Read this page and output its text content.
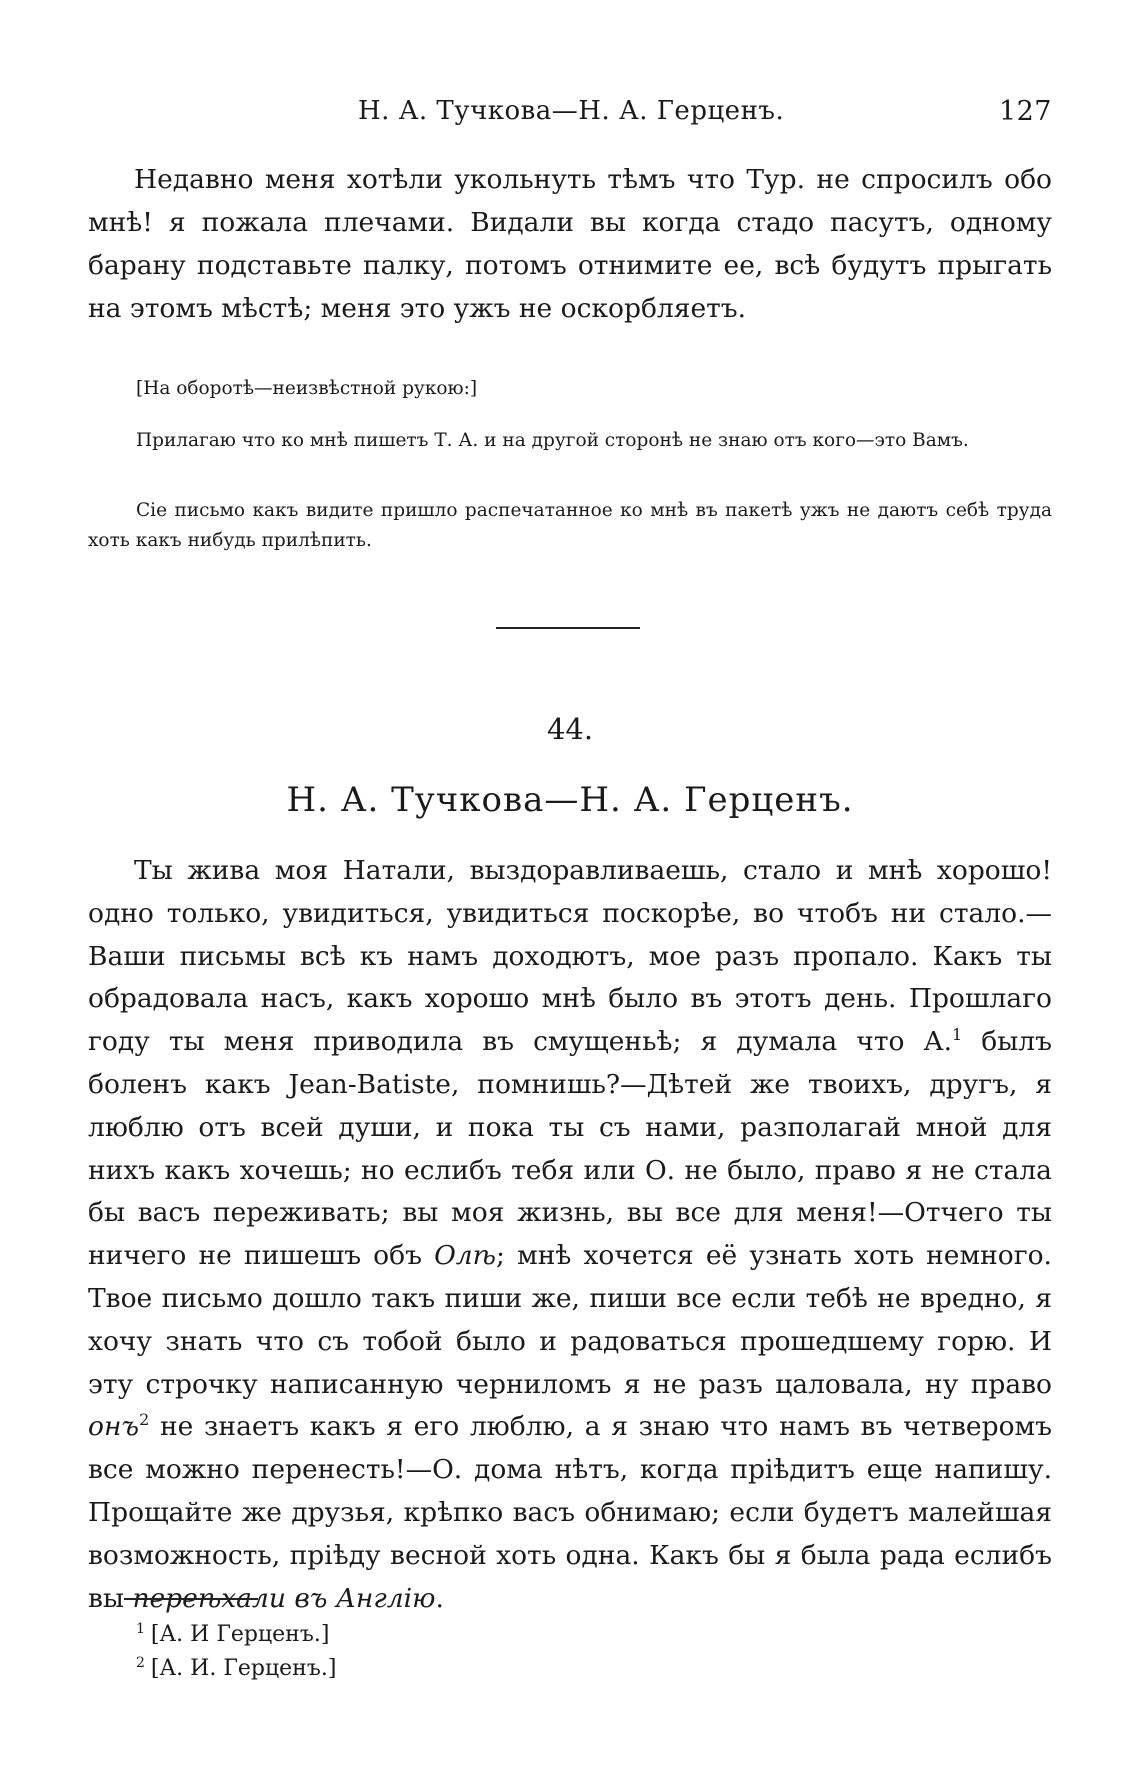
Н. А. Тучкова—Н. А. Герценъ.	127

Недавно меня хотѣли укольнуть тѣмъ что Тур. не спросилъ обо мнѣ! я пожала плечами. Видали вы когда стадо пасутъ, одному барану подставьте палку, потомъ отнимите ее, всѣ будутъ прыгать на этомъ мѣстѣ; меня это ужъ не оскорбляетъ.

[На оборотѣ—неизвѣстной рукою:]

Прилагаю что ко мнѣ пишетъ Т. А. и на другой сторонѣ не знаю отъ кого—это Вамъ.

Сіе письмо какъ видите пришло распечатанное ко мнѣ въ пакетѣ ужъ не даютъ себѣ труда хоть какъ нибудь прилѣпить.

44.
Н. А. Тучкова—Н. А. Герценъ.

Ты жива моя Натали, выздоравливаешь, стало и мнѣ хорошо! одно только, увидиться, увидиться поскорѣе, во чтобъ ни стало.—Ваши письмы всѣ къ намъ доходютъ, мое разъ пропало. Какъ ты обрадовала насъ, какъ хорошо мнѣ было въ этотъ день. Прошлаго году ты меня приводила въ смущеньѣ; я думала что А.$^1$ былъ боленъ какъ Jean-Batiste, помнишь?—Дѣтей же твоихъ, другъ, я люблю отъ всей души, и пока ты съ нами, разполагай мной для нихъ какъ хочешь; но еслибъ тебя или О. не было, право я не стала бы васъ переживать; вы моя жизнь, вы все для меня!—Отчего ты ничего не пишешъ объ Олѣ; мнѣ хочется её узнать хоть немного. Твое письмо дошло такъ пиши же, пиши все если тебѣ не вредно, я хочу знать что съ тобой было и радоваться прошедшему горю. И эту строчку написанную черниломъ я не разъ цаловала, ну право онъ$^2$ не знаетъ какъ я его люблю, а я знаю что намъ въ четверомъ все можно перенесть!—О. дома нѣтъ, когда пріѣдитъ еще напишу. Прощайте же друзья, крѣпко васъ обнимаю; если будетъ малейшая возможность, пріѣду весной хоть одна. Какъ бы я была рада еслибъ вы переѣхали въ Англію.

$^1$ [А. И Герценъ.]
$^2$ [А. И. Герценъ.]
